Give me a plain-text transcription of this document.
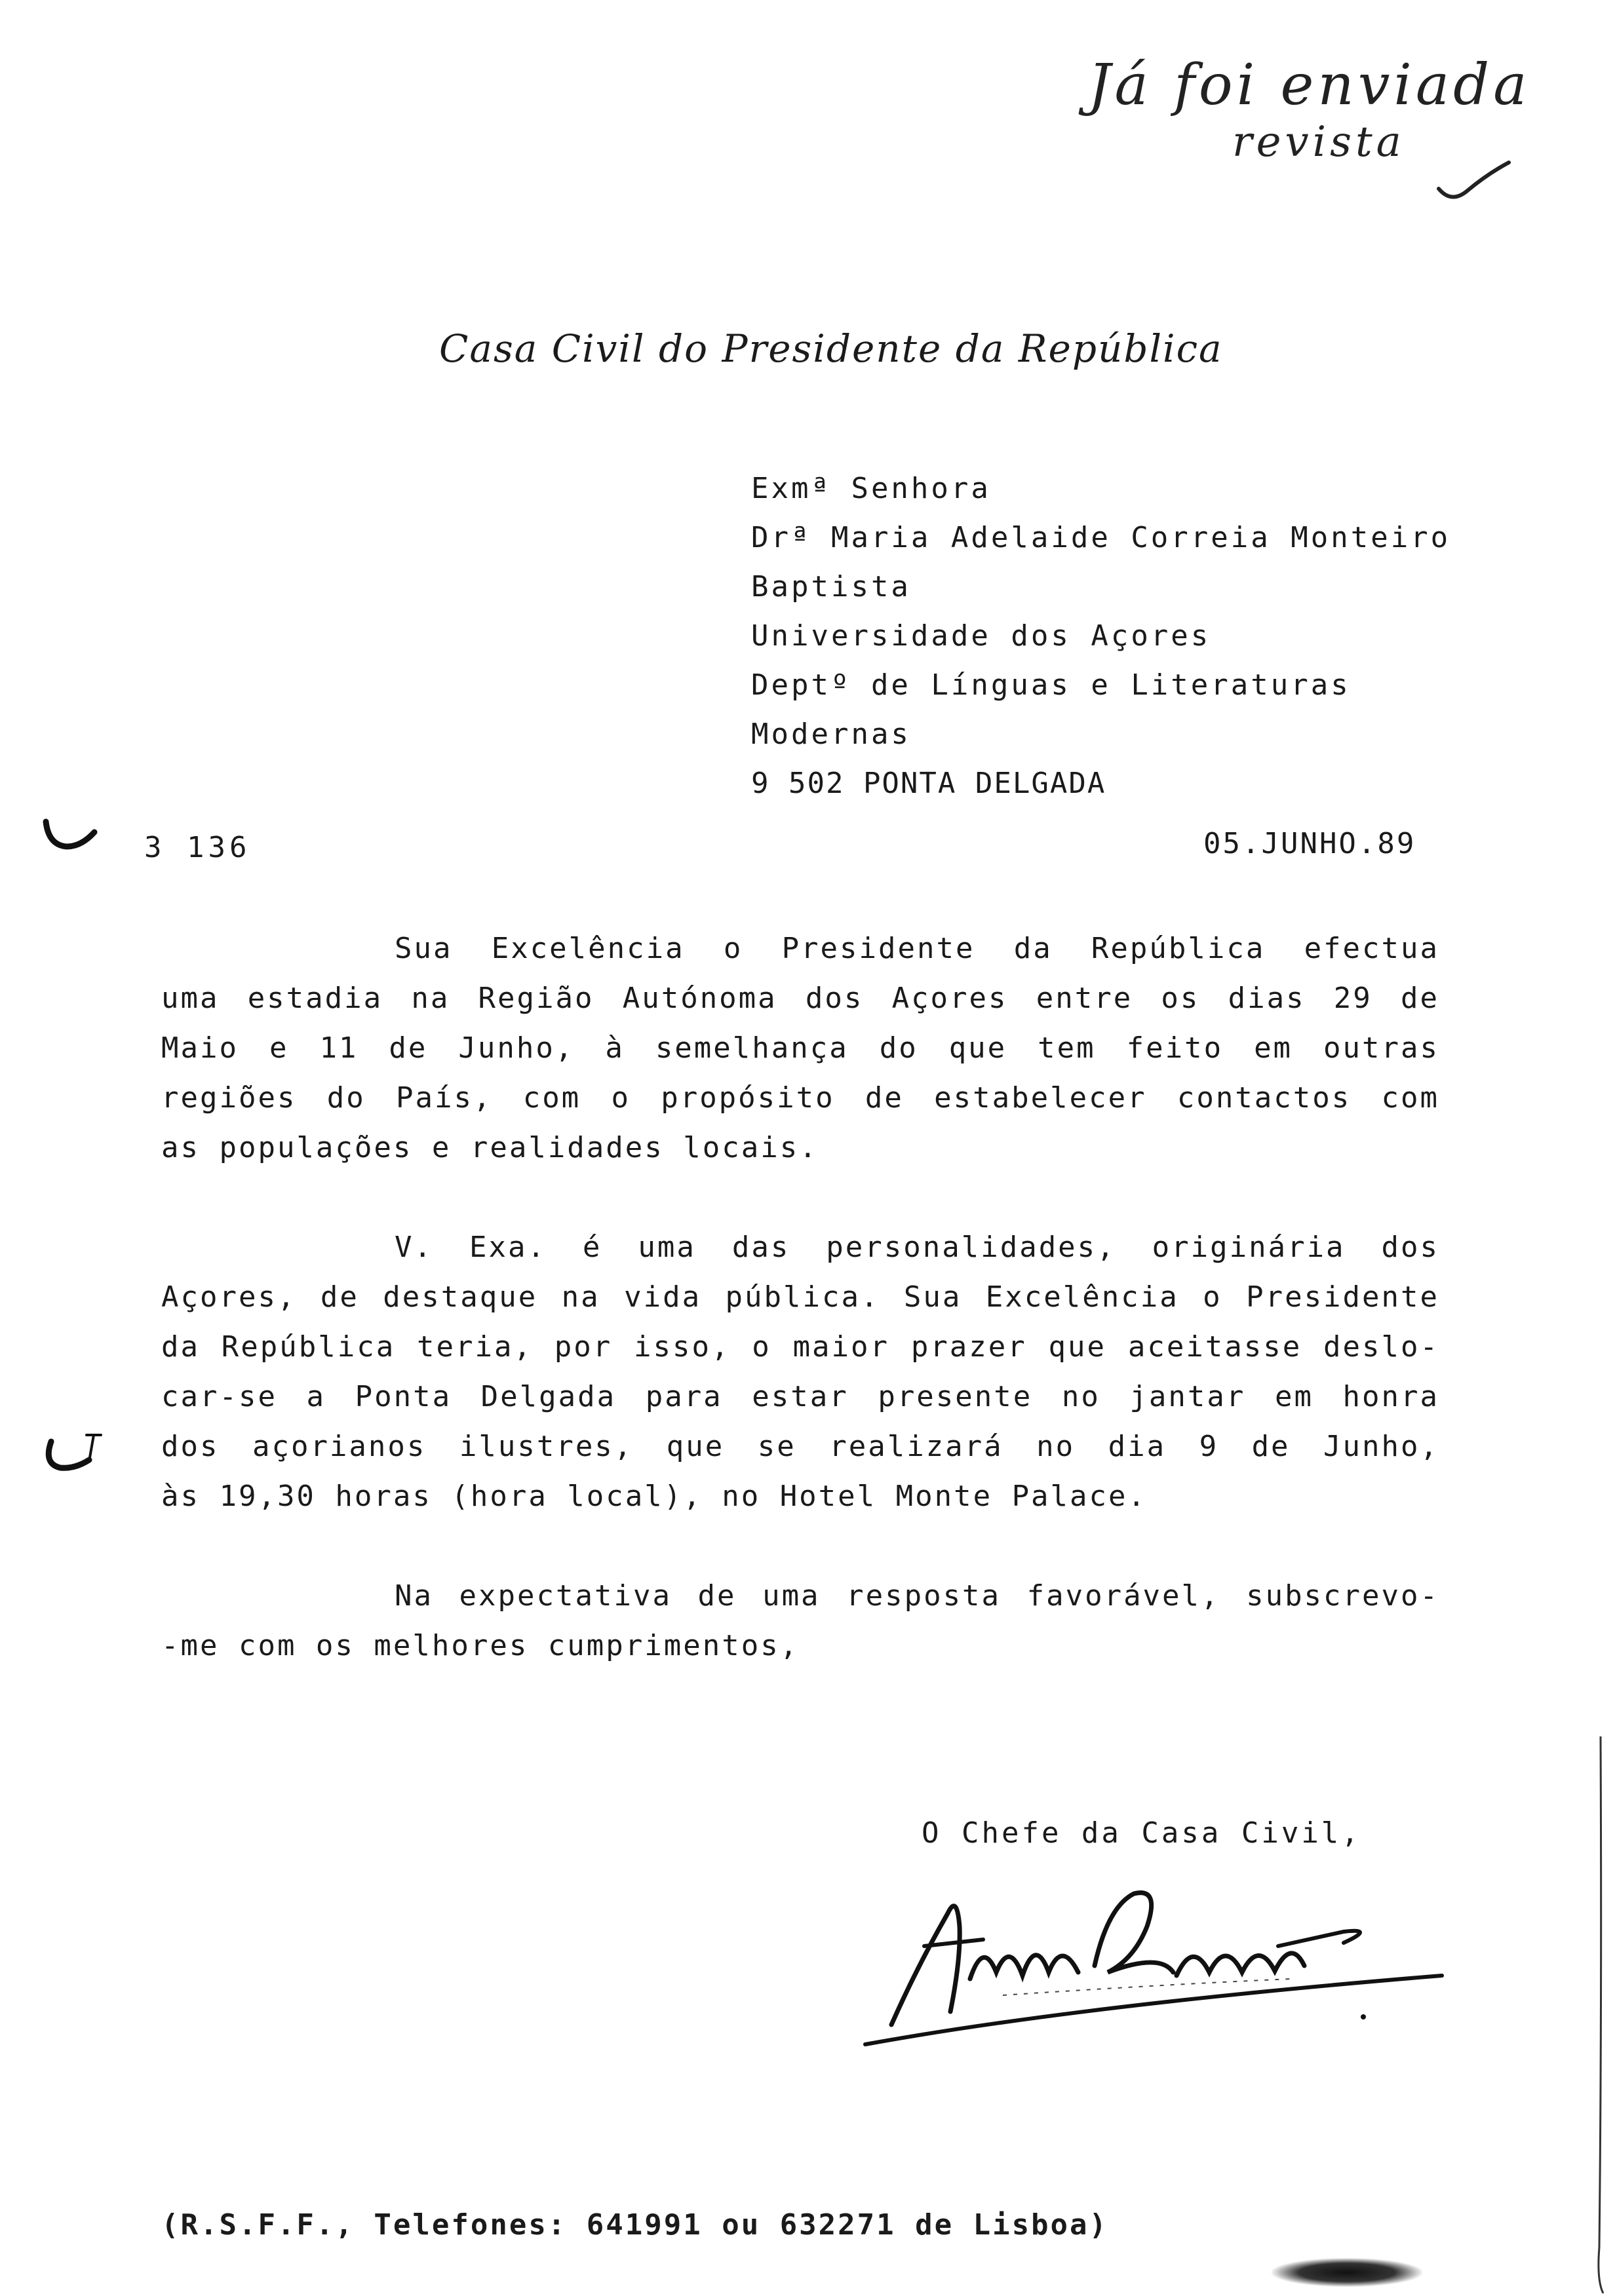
Já foi enviada
revista
Casa Civil do Presidente da República
Exmª Senhora
Drª Maria Adelaide Correia Monteiro
Baptista
Universidade dos Açores
Deptº de Línguas e Literaturas
Modernas
9 502 PONTA DELGADA
3 136	05.JUNHO.89
Sua Excelência o Presidente da República efectua
uma estadia na Região Autónoma dos Açores entre os dias 29 de
Maio e 11 de Junho, à semelhança do que tem feito em outras
regiões do País, com o propósito de estabelecer contactos com
as populações e realidades locais.
V. Exa. é uma das personalidades, originária dos
Açores, de destaque na vida pública. Sua Excelência o Presidente
da República teria, por isso, o maior prazer que aceitasse deslo-
car-se a Ponta Delgada para estar presente no jantar em honra
dos açorianos ilustres, que se realizará no dia 9 de Junho,
às 19,30 horas (hora local), no Hotel Monte Palace.
Na expectativa de uma resposta favorável, subscrevo-
-me com os melhores cumprimentos,
O Chefe da Casa Civil,
(R.S.F.F., Telefones: 641991 ou 632271 de Lisboa)
